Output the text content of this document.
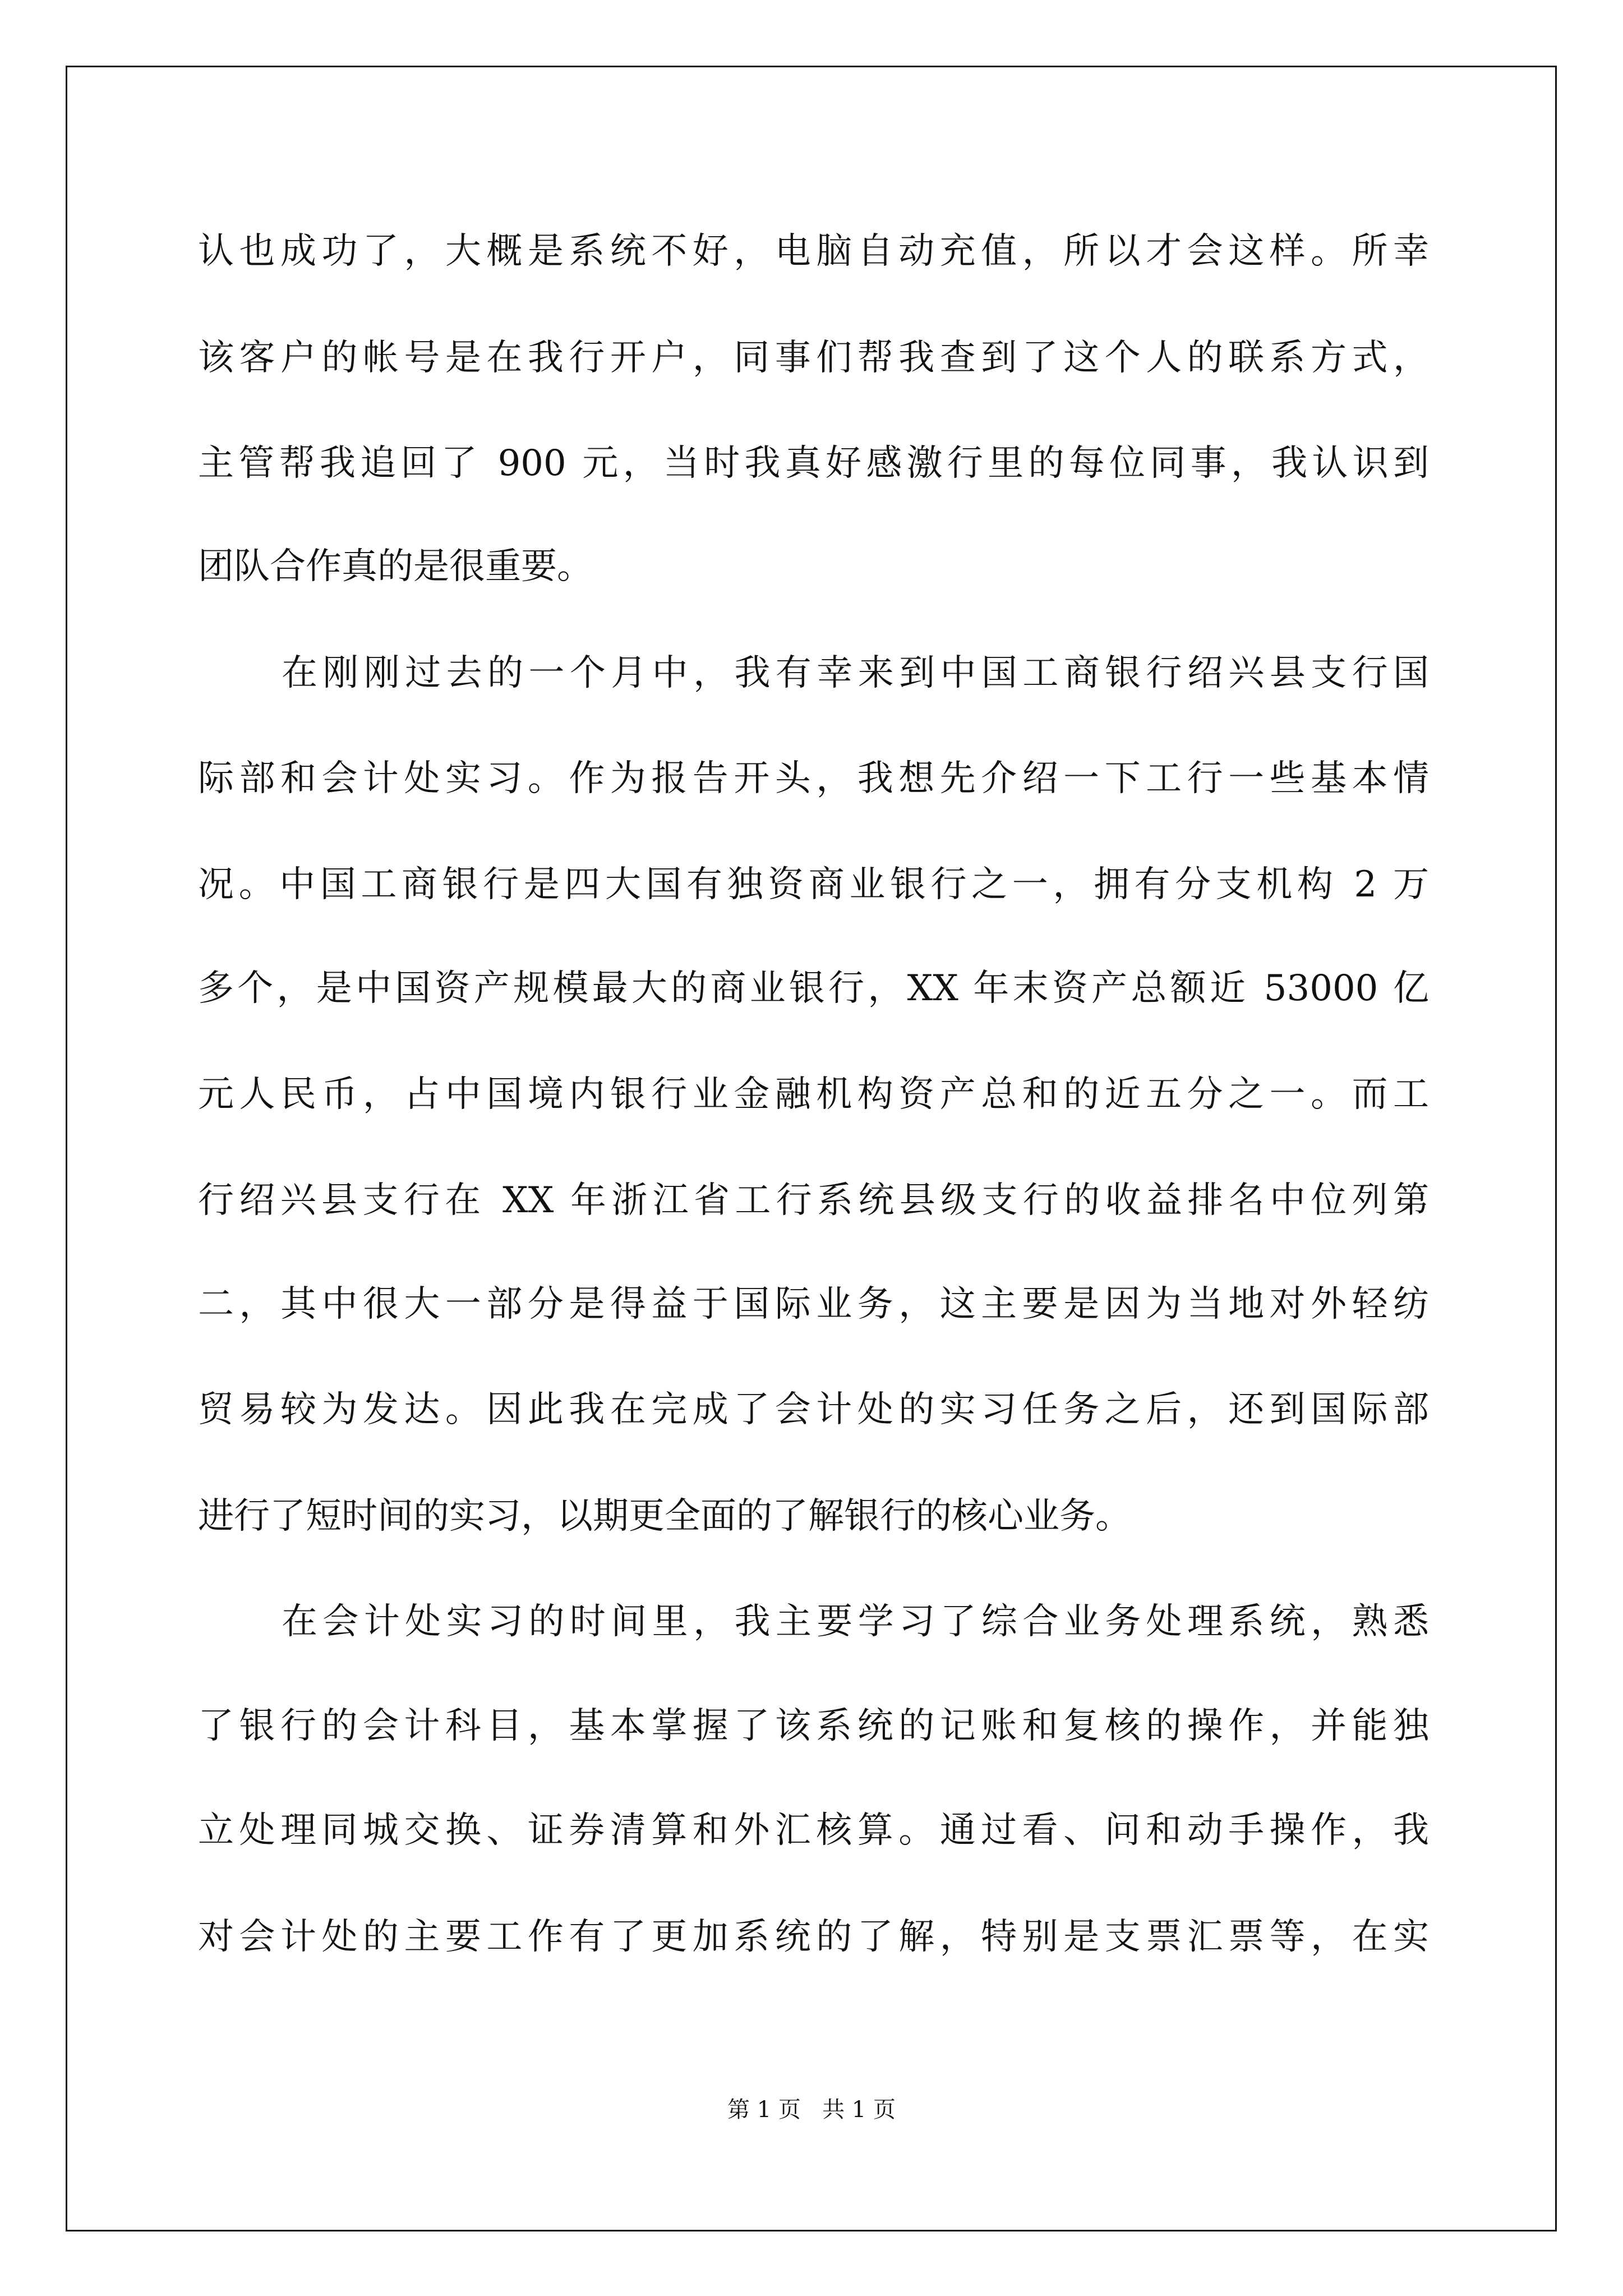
认也成功了，大概是系统不好，电脑自动充值，所以才会这样。所幸
该客户的帐号是在我行开户，同事们帮我查到了这个人的联系方式，
主管帮我追回了 900 元，当时我真好感激行里的每位同事，我认识到
团队合作真的是很重要。
在刚刚过去的一个月中，我有幸来到中国工商银行绍兴县支行国
际部和会计处实习。作为报告开头，我想先介绍一下工行一些基本情
况。中国工商银行是四大国有独资商业银行之一，拥有分支机构 2 万
多个，是中国资产规模最大的商业银行，XX 年末资产总额近 53000 亿
元人民币，占中国境内银行业金融机构资产总和的近五分之一。而工
行绍兴县支行在 XX 年浙江省工行系统县级支行的收益排名中位列第
二，其中很大一部分是得益于国际业务，这主要是因为当地对外轻纺
贸易较为发达。因此我在完成了会计处的实习任务之后，还到国际部
进行了短时间的实习，以期更全面的了解银行的核心业务。
在会计处实习的时间里，我主要学习了综合业务处理系统，熟悉
了银行的会计科目，基本掌握了该系统的记账和复核的操作，并能独
立处理同城交换、证券清算和外汇核算。通过看、问和动手操作，我
对会计处的主要工作有了更加系统的了解，特别是支票汇票等，在实
第 1 页   共 1 页
